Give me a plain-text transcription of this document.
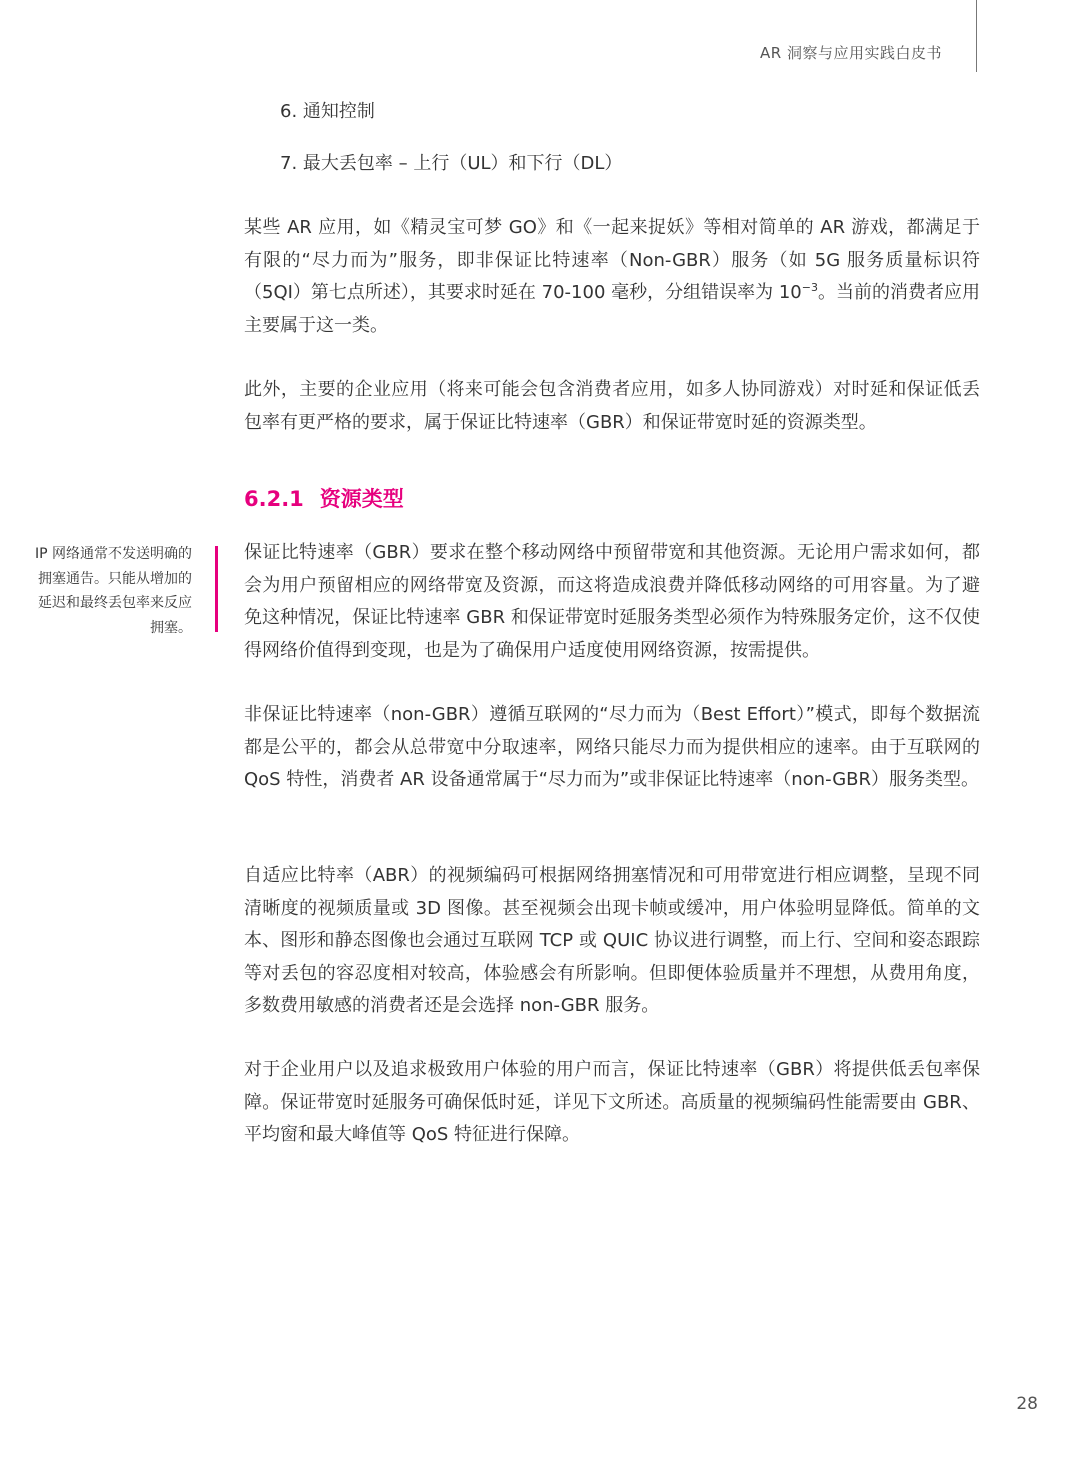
AR 洞察与应用实践白皮书
6. 通知控制
7. 最大丢包率 – 上行（UL）和下行（DL）

某些 AR 应用，如《精灵宝可梦 GO》和《一起来捉妖》等相对简单的 AR 游戏，都满足于有限的“尽力而为”服务，即非保证比特速率（Non-GBR）服务（如 5G 服务质量标识符（5QI）第七点所述），其要求时延在 70-100 毫秒，分组错误率为 $10^{-3}$。当前的消费者应用主要属于这一类。

此外，主要的企业应用（将来可能会包含消费者应用，如多人协同游戏）对时延和保证低丢包率有更严格的要求，属于保证比特速率（GBR）和保证带宽时延的资源类型。

6.2.1 资源类型
IP 网络通常不发送明确的拥塞通告。只能从增加的延迟和最终丢包率来反应拥塞。

保证比特速率（GBR）要求在整个移动网络中预留带宽和其他资源。无论用户需求如何，都会为用户预留相应的网络带宽及资源，而这将造成浪费并降低移动网络的可用容量。为了避免这种情况，保证比特速率 GBR 和保证带宽时延服务类型必须作为特殊服务定价，这不仅使得网络价值得到变现，也是为了确保用户适度使用网络资源，按需提供。

非保证比特速率（non-GBR）遵循互联网的“尽力而为（Best Effort）”模式，即每个数据流都是公平的，都会从总带宽中分取速率，网络只能尽力而为提供相应的速率。由于互联网的 QoS 特性，消费者 AR 设备通常属于“尽力而为”或非保证比特速率（non-GBR）服务类型。

自适应比特率（ABR）的视频编码可根据网络拥塞情况和可用带宽进行相应调整，呈现不同清晰度的视频质量或 3D 图像。甚至视频会出现卡帧或缓冲，用户体验明显降低。简单的文本、图形和静态图像也会通过互联网 TCP 或 QUIC 协议进行调整，而上行、空间和姿态跟踪等对丢包的容忍度相对较高，体验感会有所影响。但即便体验质量并不理想，从费用角度，多数费用敏感的消费者还是会选择 non-GBR 服务。

对于企业用户以及追求极致用户体验的用户而言，保证比特速率（GBR）将提供低丢包率保障。保证带宽时延服务可确保低时延，详见下文所述。高质量的视频编码性能需要由 GBR、平均窗和最大峰值等 QoS 特征进行保障。

28
